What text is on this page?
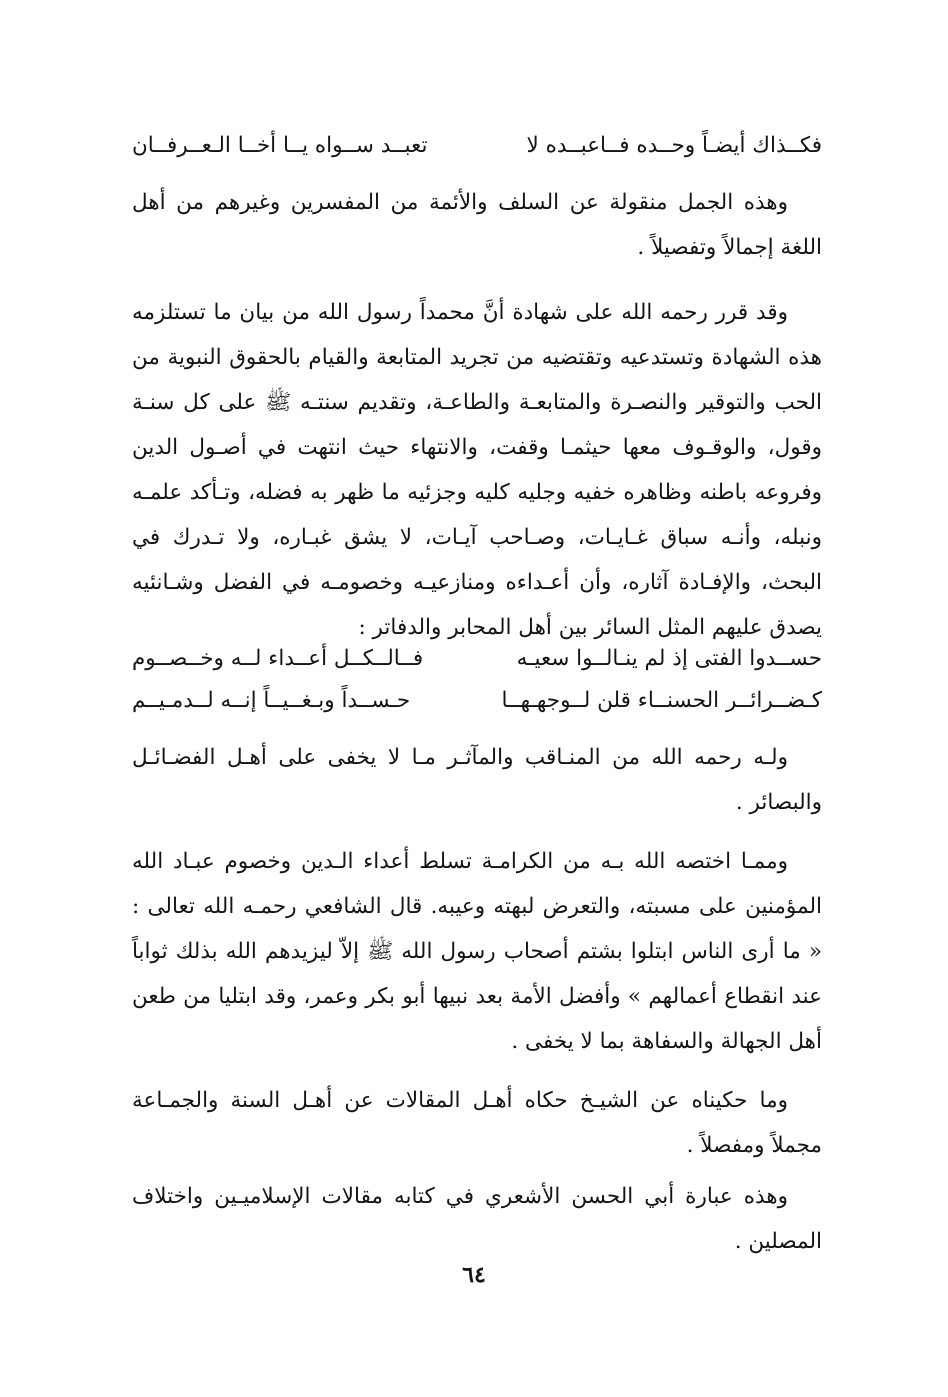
فكــذاك أيضـاً وحــده فــاعبــده لا
تعبــد ســواه يــا أخــا الـعــرفــان

وهذه الجمل منقولة عن السلف والأئمة من المفسرين وغيرهم من أهل اللغة إجمالاً وتفصيلاً .

وقد قرر رحمه الله على شهادة أنَّ محمداً رسول الله من بيان ما تستلزمه هذه الشهادة وتستدعيه وتقتضيه من تجريد المتابعة والقيام بالحقوق النبوية من الحب والتوقير والنصـرة والمتابعـة والطاعـة، وتقديم سنتـه ﷺ على كل سنـة وقول، والوقـوف معها حيثمـا وقفت، والانتهاء حيث انتهت في أصـول الدين وفروعه باطنه وظاهره خفيه وجليه كليه وجزئيه ما ظهر به فضله، وتـأكد علمـه ونبله، وأنـه سباق غـايـات، وصـاحب آيـات، لا يشق غبـاره، ولا تـدرك في البحث، والإفـادة آثاره، وأن أعـداءه ومنازعيـه وخصومـه في الفضل وشـانئيه يصدق عليهم المثل السائر بين أهل المحابر والدفاتر :

حســدوا الفتى إذ لم ينـالــوا سعيـه
فــالــكــل أعــداء لــه وخــصــوم
كـضــرائــر الحسنــاء قلن لــوجهـهــا
حـســداً وبـغــيــاً إنــه لــدمـيــم

ولـه رحمه الله من المنـاقب والمآثـر مـا لا يخفى على أهـل الفضـائـل والبصائر .

وممـا اختصه الله بـه من الكرامـة تسلط أعداء الـدين وخصوم عبـاد الله المؤمنين على مسبته، والتعرض لبهته وعيبه. قال الشافعي رحمـه الله تعالى : « ما أرى الناس ابتلوا بشتم أصحاب رسول الله ﷺ إلاّ ليزيدهم الله بذلك ثواباً عند انقطاع أعمالهم » وأفضل الأمة بعد نبيها أبو بكر وعمر، وقد ابتليا من طعن أهل الجهالة والسفاهة بما لا يخفى .

وما حكيناه عن الشيـخ حكاه أهـل المقالات عن أهـل السنة والجمـاعة مجملاً ومفصلاً .

وهذه عبارة أبي الحسن الأشعري في كتابه مقالات الإسلاميـين واختلاف المصلين .

٦٤
